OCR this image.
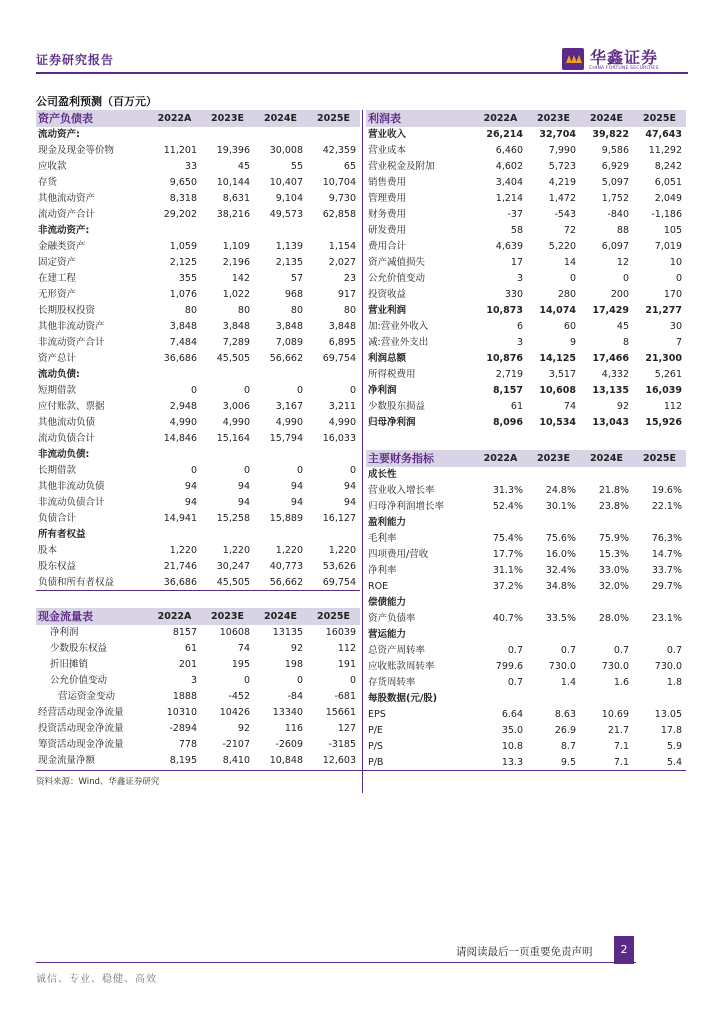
证券研究报告	华鑫证券
CHINA FORTUNE SECURITIES
公司盈利预测（百万元）
资产负债表	2022A	2023E	2024E	2025E
流动资产:				
现金及现金等价物	11,201	19,396	30,008	42,359
应收款	33	45	55	65
存货	9,650	10,144	10,407	10,704
其他流动资产	8,318	8,631	9,104	9,730
流动资产合计	29,202	38,216	49,573	62,858
非流动资产:				
金融类资产	1,059	1,109	1,139	1,154
固定资产	2,125	2,196	2,135	2,027
在建工程	355	142	57	23
无形资产	1,076	1,022	968	917
长期股权投资	80	80	80	80
其他非流动资产	3,848	3,848	3,848	3,848
非流动资产合计	7,484	7,289	7,089	6,895
资产总计	36,686	45,505	56,662	69,754
流动负债:				
短期借款	0	0	0	0
应付账款、票据	2,948	3,006	3,167	3,211
其他流动负债	4,990	4,990	4,990	4,990
流动负债合计	14,846	15,164	15,794	16,033
非流动负债:				
长期借款	0	0	0	0
其他非流动负债	94	94	94	94
非流动负债合计	94	94	94	94
负债合计	14,941	15,258	15,889	16,127
所有者权益				
股本	1,220	1,220	1,220	1,220
股东权益	21,746	30,247	40,773	53,626
负债和所有者权益	36,686	45,505	56,662	69,754
现金流量表	2022A	2023E	2024E	2025E
净利润	8157	10608	13135	16039
少数股东权益	61	74	92	112
折旧摊销	201	195	198	191
公允价值变动	3	0	0	0
营运资金变动	1888	-452	-84	-681
经营活动现金净流量	10310	10426	13340	15661
投资活动现金净流量	-2894	92	116	127
筹资活动现金净流量	778	-2107	-2609	-3185
现金流量净额	8,195	8,410	10,848	12,603
利润表	2022A	2023E	2024E	2025E
营业收入	26,214	32,704	39,822	47,643
营业成本	6,460	7,990	9,586	11,292
营业税金及附加	4,602	5,723	6,929	8,242
销售费用	3,404	4,219	5,097	6,051
管理费用	1,214	1,472	1,752	2,049
财务费用	-37	-543	-840	-1,186
研发费用	58	72	88	105
费用合计	4,639	5,220	6,097	7,019
资产减值损失	17	14	12	10
公允价值变动	3	0	0	0
投资收益	330	280	200	170
营业利润	10,873	14,074	17,429	21,277
加:营业外收入	6	60	45	30
减:营业外支出	3	9	8	7
利润总额	10,876	14,125	17,466	21,300
所得税费用	2,719	3,517	4,332	5,261
净利润	8,157	10,608	13,135	16,039
少数股东损益	61	74	92	112
归母净利润	8,096	10,534	13,043	15,926
主要财务指标	2022A	2023E	2024E	2025E
成长性				
营业收入增长率	31.3%	24.8%	21.8%	19.6%
归母净利润增长率	52.4%	30.1%	23.8%	22.1%
盈利能力				
毛利率	75.4%	75.6%	75.9%	76.3%
四项费用/营收	17.7%	16.0%	15.3%	14.7%
净利率	31.1%	32.4%	33.0%	33.7%
ROE	37.2%	34.8%	32.0%	29.7%
偿债能力				
资产负债率	40.7%	33.5%	28.0%	23.1%
营运能力				
总资产周转率	0.7	0.7	0.7	0.7
应收账款周转率	799.6	730.0	730.0	730.0
存货周转率	0.7	1.4	1.6	1.8
每股数据(元/股)				
EPS	6.64	8.63	10.69	13.05
P/E	35.0	26.9	21.7	17.8
P/S	10.8	8.7	7.1	5.9
P/B	13.3	9.5	7.1	5.4
资料来源：Wind、华鑫证券研究
请阅读最后一页重要免责声明	2
诚信、专业、稳健、高效
